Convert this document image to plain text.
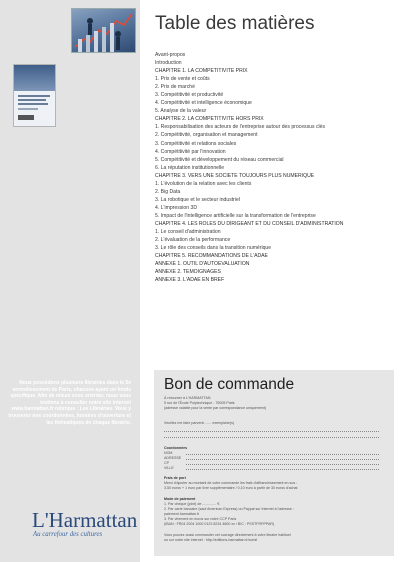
Nous possédons plusieurs librairies dans le 5e arrondissement de Paris, chacune ayant un fonds spécifique. Afin de mieux vous orienter, nous vous invitons à consulter notre site internet www.harmattan.fr rubrique : Les Librairies. Vous y trouverez nos coordonnées, horaires d'ouverture et les thématiques de chaque librairie.
L'Harmattan
Au carrefour des cultures
Table des matières
Avant-propos
Introduction
CHAPITRE 1. LA COMPETITIVITE PRIX
1. Prix de vente et coûts
2. Prix de marché
3. Compétitivité et productivité
4. Compétitivité et intelligence économique
5. Analyse de la valeur
CHAPITRE 2. LA COMPETITIVITE HORS PRIX
1. Responsabilisation des acteurs de l'entreprise autour des processus clés
2. Compétitivité, organisation et management
3. Compétitivité et relations sociales
4. Compétitivité par l'innovation
5. Compétitivité et développement du réseau commercial
6. La réputation institutionnelle
CHAPITRE 3. VERS UNE SOCIETE TOUJOURS PLUS NUMERIQUE
1. L'évolution de la relation avec les clients
2. Big Data
3. La robotique et le secteur industriel
4. L'impression 3D
5. Impact de l'intelligence artificielle sur la transformation de l'entreprise
CHAPITRE 4. LES ROLES DU DIRIGEANT ET DU CONSEIL D'ADMINISTRATION
1. Le conseil d'administration
2. L'évaluation de la performance
3. Le rôle des conseils dans la transition numérique
CHAPITRE 5. RECOMMANDATIONS DE L'ADAE
ANNEXE 1. OUTIL D'AUTOEVALUATION
ANNEXE 2. TEMOIGNAGES
ANNEXE 3. L'ADAE EN BREF
Bon de commande
À retourner à L'HARMATTAN
5 rue de l'École Polytechnique - 75005 Paris
(adresse valable pour la vente par correspondance uniquement)
Veuillez me faire parvenir ...... exemplaire(s)
Coordonnées
NOM
ADRESSE
CP
VILLE
Frais de port
Merci d'ajouter au montant de votre commande les frais d'affranchissement en sus :
3,50 euros + 1 euro par livre supplémentaire / 0,10 euro à partir de 30 euros d'achat
Mode de paiement
1. Par chèque (joint) de .............. €
2. Par carte bancaire (sauf American Express) ou Paypal sur Internet à l'adresse :
paiement.harmattan.fr
3. Par virement en euros sur notre CCP Paris
(IBAN : FR04 2004 1000 0123 8234 4800 xx / BIC : PSSTFRPPPAR)
Vous pouvez aussi commander cet ouvrage directement à votre libraire habituel
ou sur notre site internet : http://editions-harmattan.fr/comil
